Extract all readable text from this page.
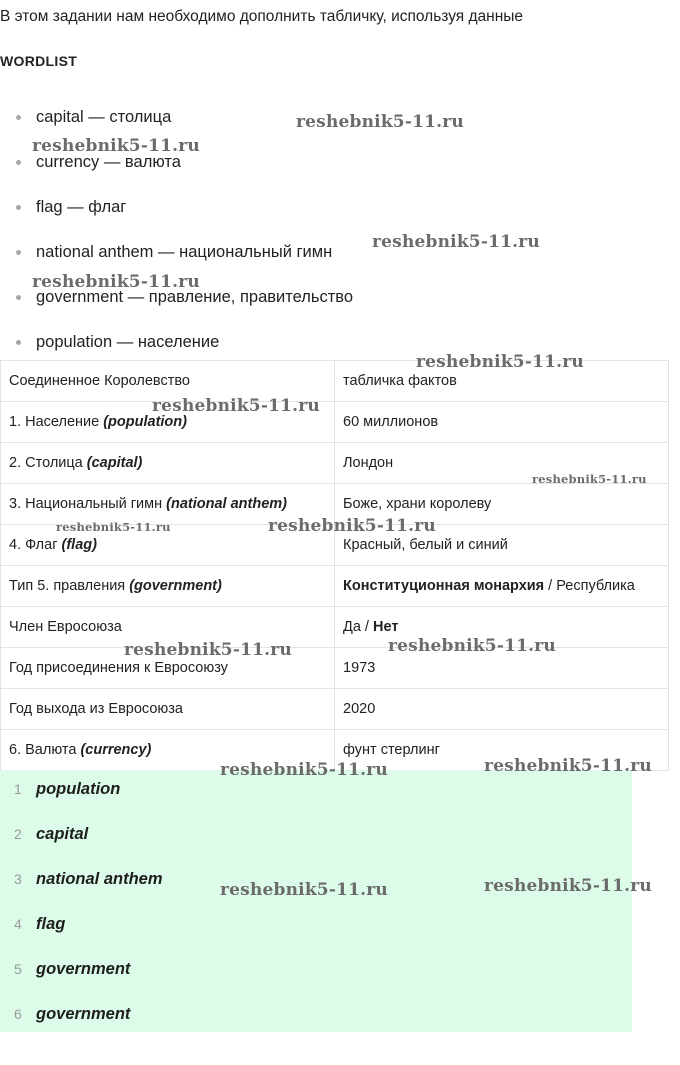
В этом задании нам необходимо дополнить табличку, используя данные
WORDLIST
capital — столица
currency — валюта
flag — флаг
national anthem — национальный гимн
government — правление, правительство
population — население
Соединенное Королевство	табличка фактов
1. Население (population)	60 миллионов
2. Столица (capital)	Лондон
3. Национальный гимн (national anthem)	Боже, храни королеву
4. Флаг (flag)	Красный, белый и синий
Тип 5. правления (government)	Конституционная монархия / Республика
Член Евросоюза	Да / Нет
Год присоединения к Евросоюзу	1973
Год выхода из Евросоюза	2020
6. Валюта (currency)	фунт стерлинг
1 population
2 capital
3 national anthem
4 flag
5 government
6 government
reshebnik5-11.ru
reshebnik5-11.ru
reshebnik5-11.ru
reshebnik5-11.ru
reshebnik5-11.ru
reshebnik5-11.ru
reshebnik5-11.ru
reshebnik5-11.ru	reshebnik5-11.ru
reshebnik5-11.ru	reshebnik5-11.ru
reshebnik5-11.ru	reshebnik5-11.ru
reshebnik5-11.ru	reshebnik5-11.ru
